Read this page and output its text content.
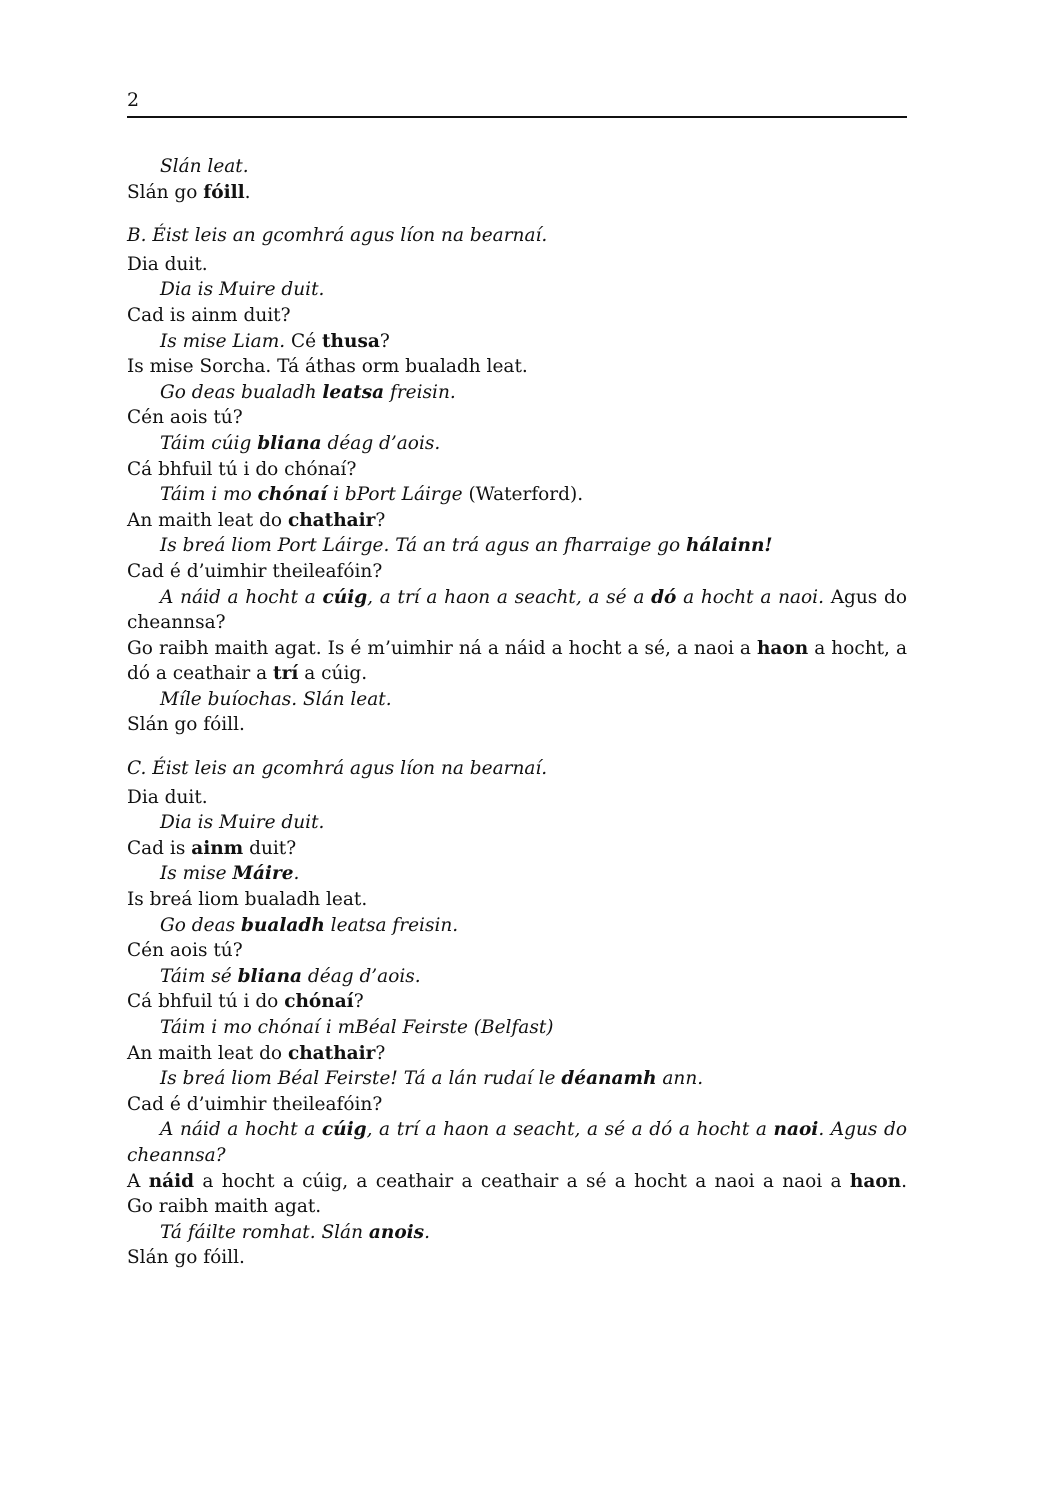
2

Slán leat.

Slán go fóill.

B. Éist leis an gcomhrá agus líon na bearnaí.

Dia duit.

Dia is Muire duit.

Cad is ainm duit?

Is mise Liam. Cé thusa?

Is mise Sorcha. Tá áthas orm bualadh leat.

Go deas bualadh leatsa freisin.

Cén aois tú?

Táim cúig bliana déag d’aois.

Cá bhfuil tú i do chónaí?

Táim i mo chónaí i bPort Láirge (Waterford).

An maith leat do chathair?

Is breá liom Port Láirge. Tá an trá agus an fharraige go hálainn!

Cad é d’uimhir theileafóin?

A náid a hocht a cúig, a trí a haon a seacht, a sé a dó a hocht a naoi. Agus do cheannsa?

Go raibh maith agat. Is é m’uimhir ná a náid a hocht a sé, a naoi a haon a hocht, a dó a ceathair a trí a cúig.

Míle buíochas. Slán leat.

Slán go fóill.

C. Éist leis an gcomhrá agus líon na bearnaí.

Dia duit.

Dia is Muire duit.

Cad is ainm duit?

Is mise Máire.

Is breá liom bualadh leat.

Go deas bualadh leatsa freisin.

Cén aois tú?

Táim sé bliana déag d’aois.

Cá bhfuil tú i do chónaí?

Táim i mo chónaí i mBéal Feirste (Belfast)

An maith leat do chathair?

Is breá liom Béal Feirste! Tá a lán rudaí le déanamh ann.

Cad é d’uimhir theileafóin?

A náid a hocht a cúig, a trí a haon a seacht, a sé a dó a hocht a naoi. Agus do cheannsa?

A náid a hocht a cúig, a ceathair a ceathair a sé a hocht a naoi a naoi a haon.     Go raibh maith agat.

Tá fáilte romhat. Slán anois.

Slán go fóill.
